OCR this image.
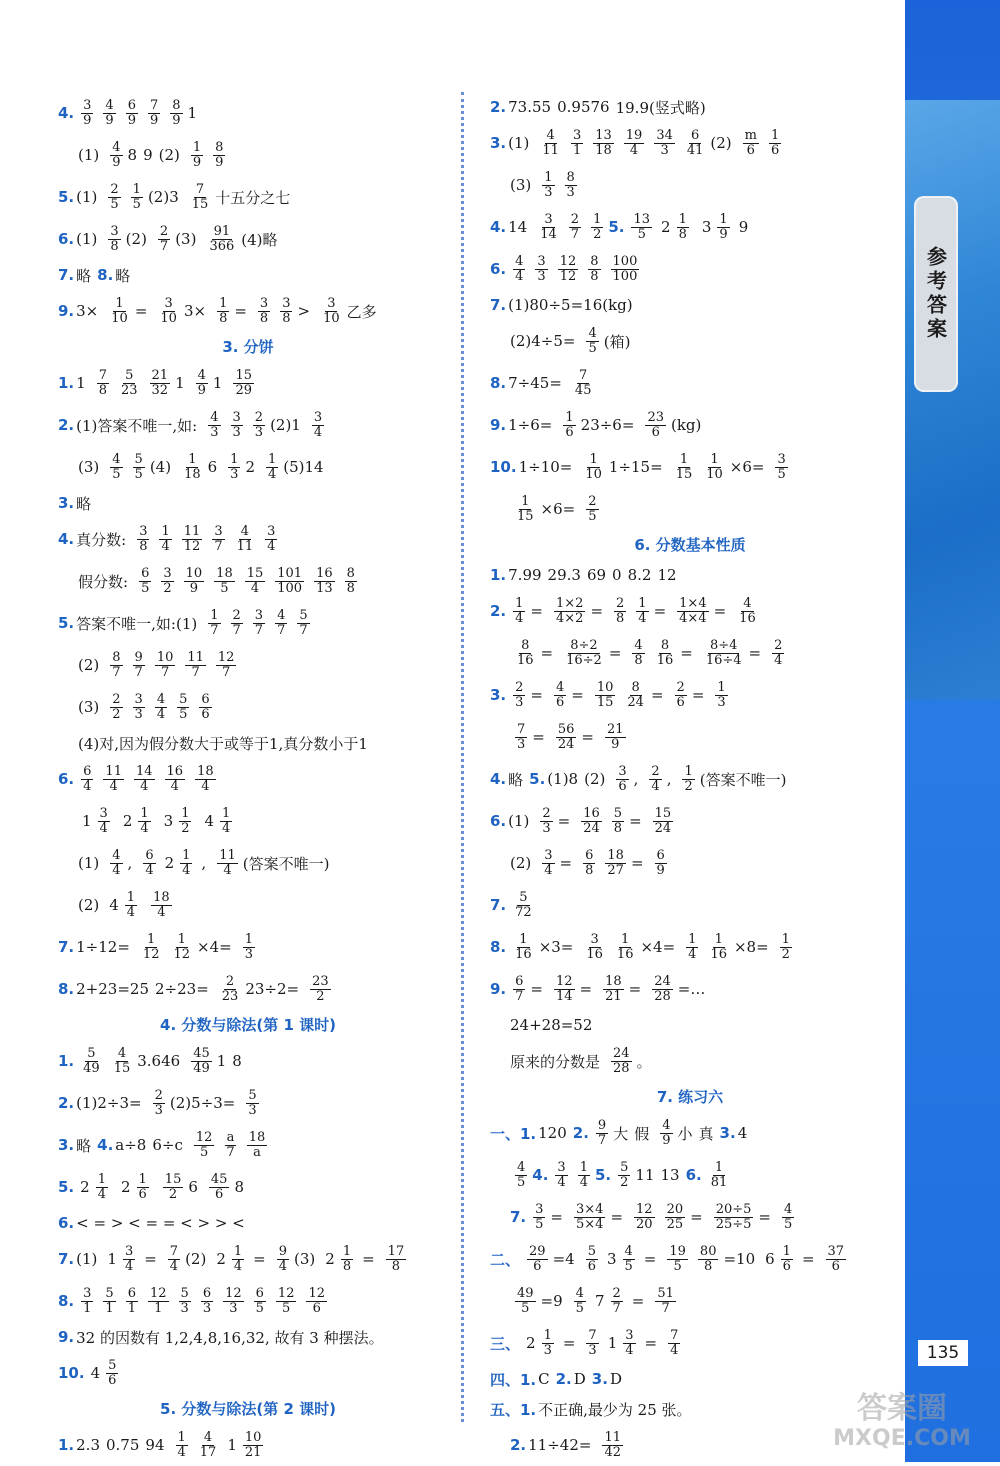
4. $\frac{3}{9} \frac{4}{9} \frac{6}{9} \frac{7}{9} \frac{8}{9} 1$
$(1) \frac{4}{9} 8$ 9 $(2) \frac{1}{9} \frac{8}{9}$
5. $(1) \frac{2}{5} \frac{1}{5} (2)3 \frac{7}{15}$ 十五分之七
6. $(1) \frac{3}{8} (2) \frac{2}{7} (3) \frac{91}{366} (4)$略
7. 略 8. 略
9. $3\times \frac{1}{10} = \frac{3}{10} 3\times \frac{1}{8} = \frac{3}{8} \frac{3}{8} > \frac{3}{10}$ 乙多
3. 分饼
1. $1 \frac{7}{8} \frac{5}{23} \frac{21}{32} 1 \frac{4}{9} 1 \frac{15}{29}$
2. (1)答案不唯一,如: $\frac{4}{3} \frac{3}{3} \frac{2}{3} (2)1 \frac{3}{4}$
$(3) \frac{4}{5} \frac{5}{5} (4) \frac{1}{18} 6 \frac{1}{3} 2 \frac{1}{4} (5)14$
3. 略
4. 真分数: $\frac{3}{8} \frac{1}{4} \frac{11}{12} \frac{3}{7} \frac{4}{11} \frac{3}{4}$
假分数: $\frac{6}{5} \frac{3}{2} \frac{10}{9} \frac{18}{5} \frac{15}{4} \frac{101}{100} \frac{16}{13} \frac{8}{8}$
5. 答案不唯一,如:(1) $\frac{1}{7} \frac{2}{7} \frac{3}{7} \frac{4}{7} \frac{5}{7}$
$(2) \frac{8}{7} \frac{9}{7} \frac{10}{7} \frac{11}{7} \frac{12}{7}$
$(3) \frac{2}{2} \frac{3}{3} \frac{4}{4} \frac{5}{5} \frac{6}{6}$
(4)对,因为假分数大于或等于1,真分数小于1
6. $\frac{6}{4} \frac{11}{4} \frac{14}{4} \frac{16}{4} \frac{18}{4}$
$1 \frac{3}{4} 2 \frac{1}{4} 3 \frac{1}{2} 4 \frac{1}{4}$
$(1) \frac{4}{4}$ , $\frac{6}{4} 2 \frac{1}{4}$ , $\frac{11}{4}$ (答案不唯一)
(2) $4 \frac{1}{4} \frac{18}{4}$
7. $1\div 12= \frac{1}{12} \frac{1}{12} \times 4= \frac{1}{3}$
8. 2+23=25 $2\div 23= \frac{2}{23} 23\div 2= \frac{23}{2}$
4. 分数与除法(第 1 课时)
1. $\frac{5}{49} \frac{4}{15} 3.646 \frac{45}{49} 1$ 8
2. $(1)2\div 3= \frac{2}{3} (2)5\div 3= \frac{5}{3}$
3. 略 4. a÷8 $6\div c \frac{12}{5} \frac{a}{7} \frac{18}{a}$
5. $2 \frac{1}{4} 2 \frac{1}{6} \frac{15}{2} 6 \frac{45}{6} 8$
6. < = > < = = < > > <
7. (1) $1 \frac{3}{4} = \frac{7}{4} (2)$ $2 \frac{1}{4} = \frac{9}{4} (3)$ $2 \frac{1}{8} = \frac{17}{8}$
8. $\frac{3}{1} \frac{5}{1} \frac{6}{1} \frac{12}{1} \frac{5}{3} \frac{6}{3} \frac{12}{3} \frac{6}{5} \frac{12}{5} \frac{12}{6}$
9. 32 的因数有 1,2,4,8,16,32, 故有 3 种摆法。
10. $4 \frac{5}{6}$
5. 分数与除法(第 2 课时)
1. 2.3 0.75 $94 \frac{1}{4} \frac{4}{17} 1 \frac{10}{21}$
2. 73.55 0.9576 19.9(竖式略)
3. $(1) \frac{4}{11} \frac{3}{1} \frac{13}{18} \frac{19}{4} \frac{34}{3} \frac{6}{41} (2) \frac{m}{6} \frac{1}{6}$
$(3) \frac{1}{3} \frac{8}{3}$
4. $14 \frac{3}{14} \frac{2}{7} \frac{1}{2} 5$. $\frac{13}{5} 2 \frac{1}{8} 3 \frac{1}{9} 9$
6. $\frac{4}{4} \frac{3}{3} \frac{12}{12} \frac{8}{8} \frac{100}{100}$
7. (1)80÷5=16(kg)
$(2)4\div 5= \frac{4}{5}$ (箱)
8. $7\div 45= \frac{7}{45}$
9. $1\div 6= \frac{1}{6} 23\div 6= \frac{23}{6} (kg)$
10. $1\div 10= \frac{1}{10} 1\div 15= \frac{1}{15} \frac{1}{10} \times 6= \frac{3}{5}$
$\frac{1}{15} \times 6= \frac{2}{5}$
6. 分数基本性质
1. 7.99 29.3 69 0 8.2 12
2. $\frac{1}{4} = \frac{1\times 2}{4\times 2} = \frac{2}{8} \frac{1}{4} = \frac{1\times 4}{4\times 4} = \frac{4}{16}$
$\frac{8}{16} = \frac{8\div 2}{16\div 2} = \frac{4}{8} \frac{8}{16} = \frac{8\div 4}{16\div 4} = \frac{2}{4}$
3. $\frac{2}{3} = \frac{4}{6} = \frac{10}{15} \frac{8}{24} = \frac{2}{6} = \frac{1}{3}$
$\frac{7}{3} = \frac{56}{24} = \frac{21}{9}$
4. 略 5. (1)8 $(2) \frac{3}{6}$ , $\frac{2}{4}$ , $\frac{1}{2}$ (答案不唯一)
6. $(1) \frac{2}{3} = \frac{16}{24} \frac{5}{8} = \frac{15}{24}$
$(2) \frac{3}{4} = \frac{6}{8} \frac{18}{27} = \frac{6}{9}$
7. $\frac{5}{72}$
8. $\frac{1}{16} \times 3= \frac{3}{16} \frac{1}{16} \times 4= \frac{1}{4} \frac{1}{16} \times 8= \frac{1}{2}$
9. $\frac{6}{7} = \frac{12}{14} = \frac{18}{21} = \frac{24}{28}$ =…
24+28=52
原来的分数是 $\frac{24}{28}$ 。
7. 练习六
一、1. 120 2. $\frac{9}{7}$ 大 假 $\frac{4}{9}$ 小 真 3. 4
$\frac{4}{5} 4$. $\frac{3}{4} \frac{1}{4} 5$. $\frac{5}{2} 11$ 13 6. $\frac{1}{81}$
7. $\frac{3}{5} = \frac{3\times 4}{5\times 4} = \frac{12}{20} \frac{20}{25} = \frac{20\div 5}{25\div 5} = \frac{4}{5}$
二、 $\frac{29}{6} =4 \frac{5}{6} 3 \frac{4}{5} = \frac{19}{5} \frac{80}{8} =10$ $6 \frac{1}{6} = \frac{37}{6}$
$\frac{49}{5} =9 \frac{4}{5} 7 \frac{2}{7} = \frac{51}{7}$
三、 $2 \frac{1}{3} = \frac{7}{3} 1 \frac{3}{4} = \frac{7}{4}$
四、1. C 2. D 3. D
五、1. 不正确,最少为 25 张。
2. $11\div 42= \frac{11}{42}$
参考答案
135
答案圈
MXQE.COM
